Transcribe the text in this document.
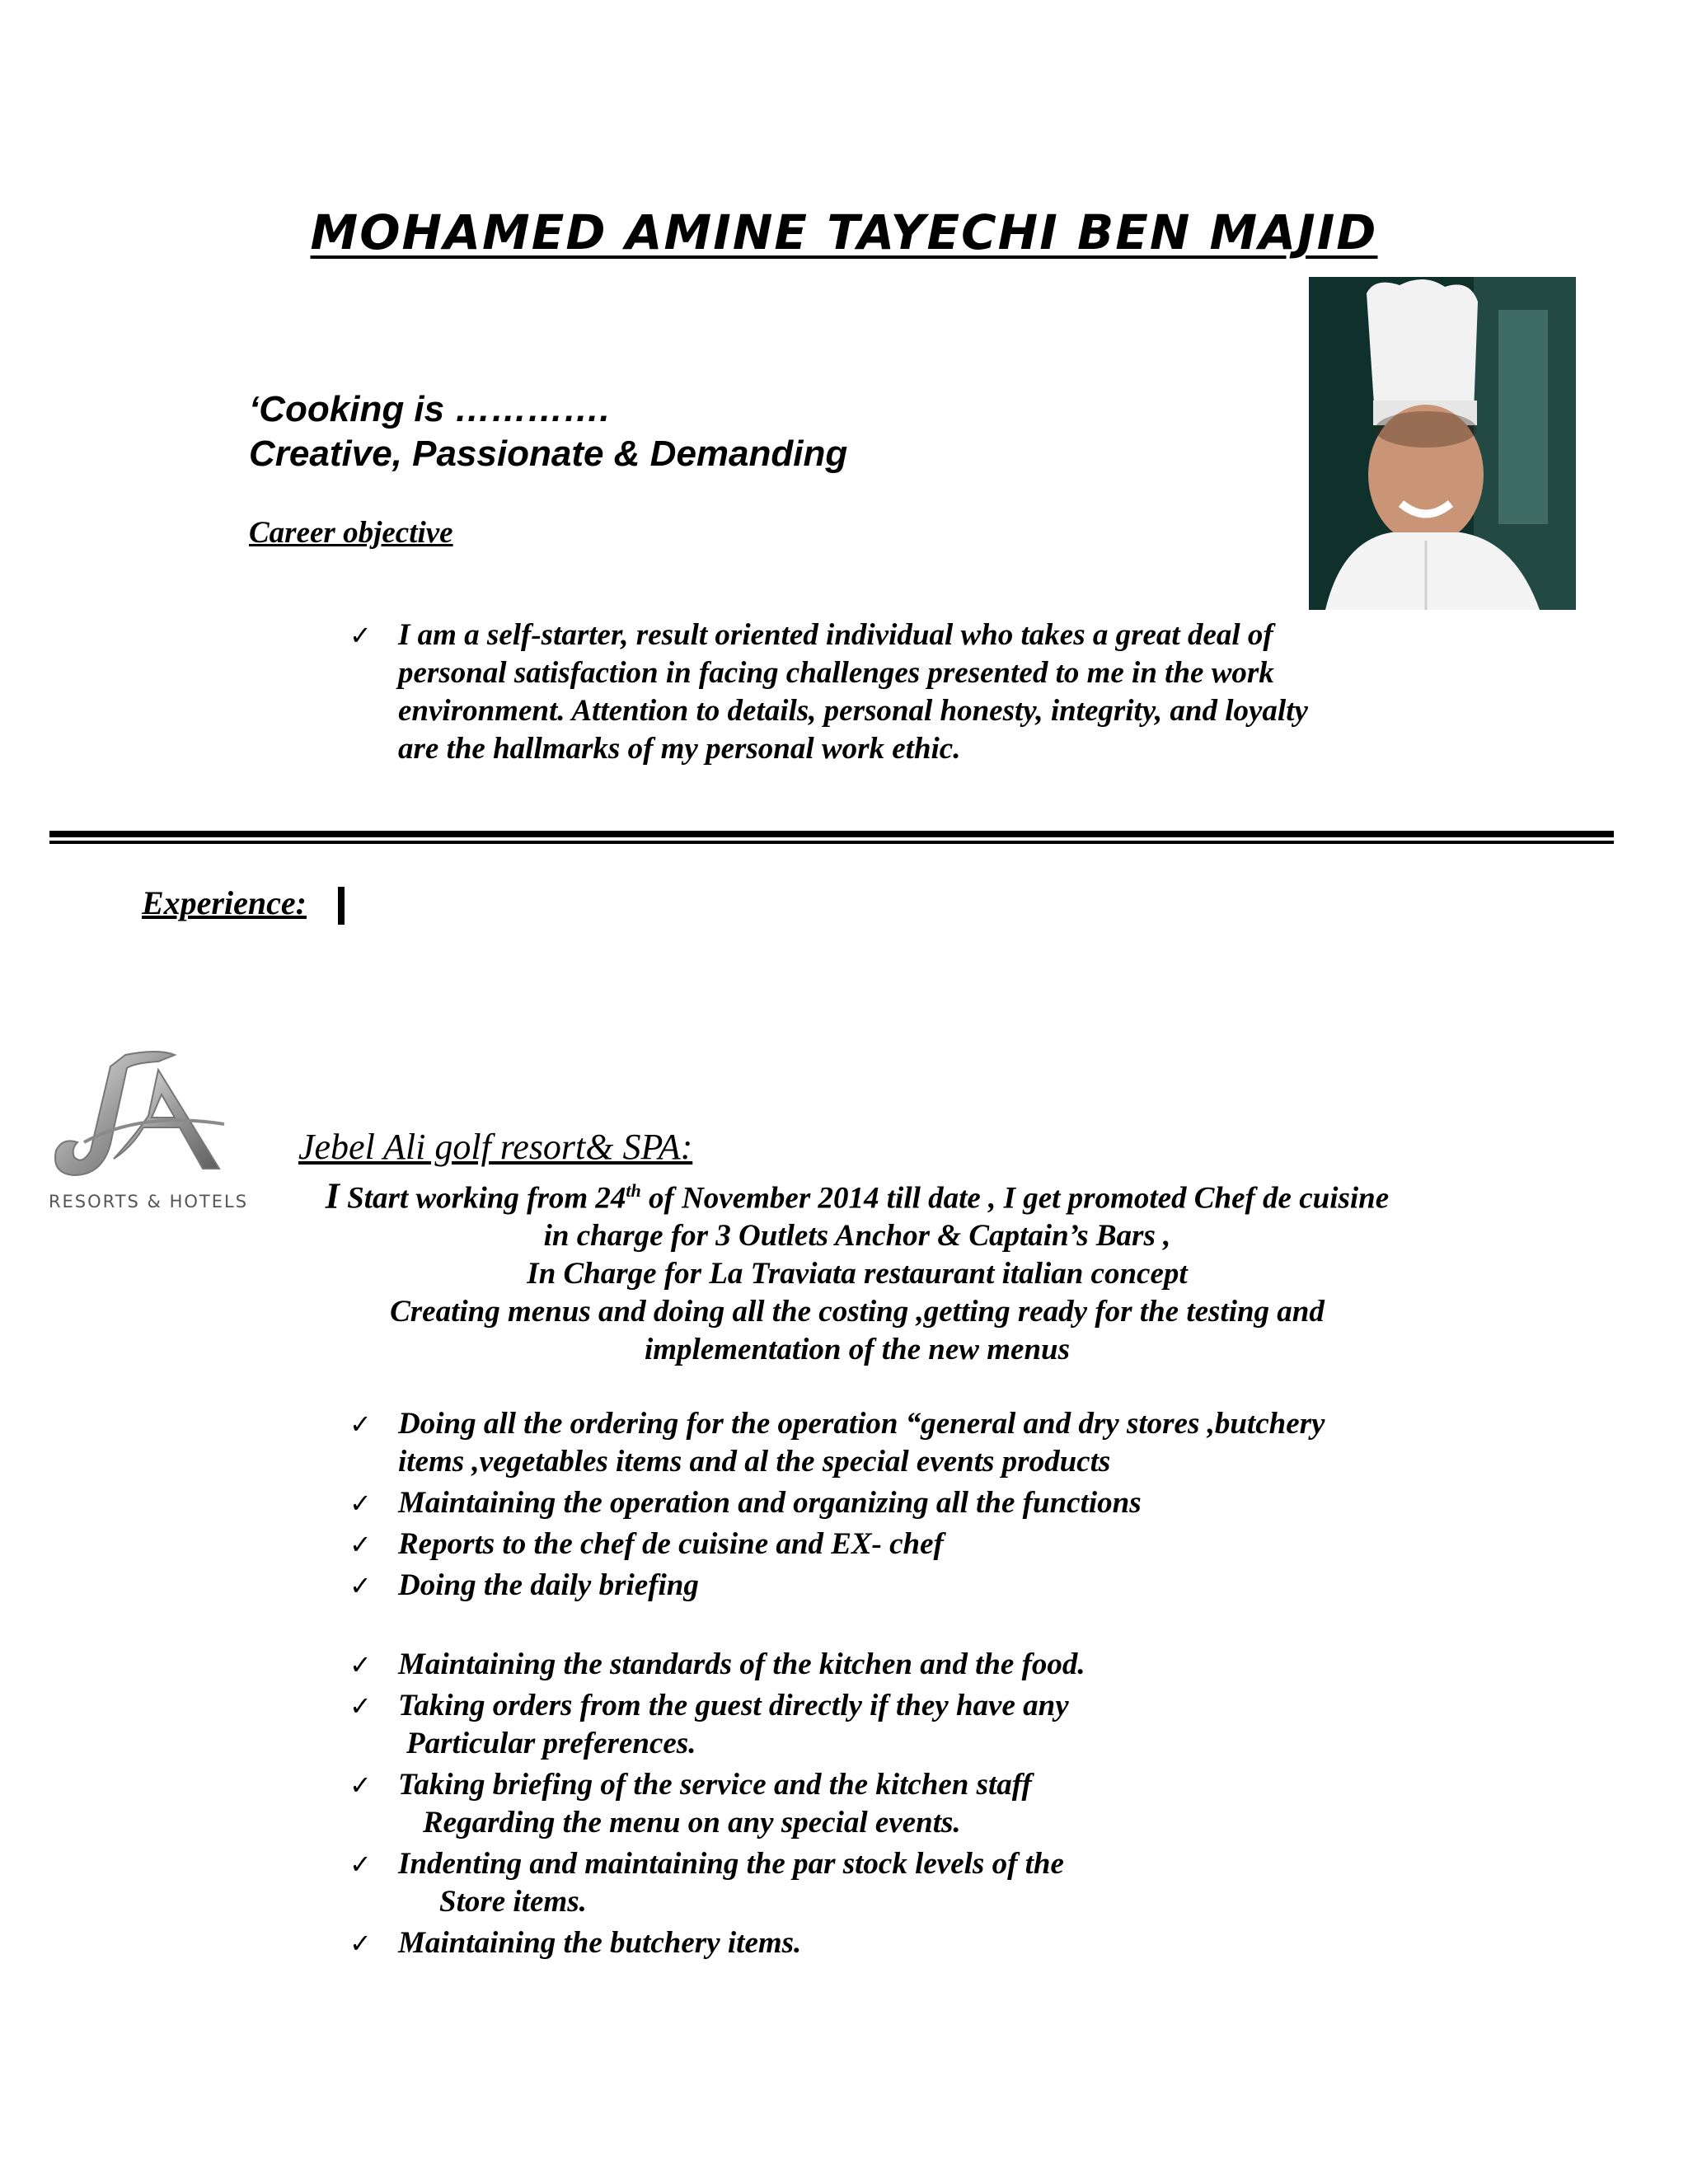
MOHAMED AMINE TAYECHI BEN MAJID
‘Cooking is ………….
Creative, Passionate & Demanding
Career objective
✓ I am a self-starter, result oriented individual who takes a great deal of
personal satisfaction in facing challenges presented to me in the work
environment. Attention to details, personal honesty, integrity, and loyalty
are the hallmarks of my personal work ethic.
Experience:
RESORTS & HOTELS
Jebel Ali golf resort& SPA:

I Start working from 24th of November 2014 till date , I get promoted Chef de cuisine

in charge for 3 Outlets Anchor & Captain’s Bars ,

In Charge for La Traviata restaurant italian concept

Creating menus and doing all the costing ,getting ready for the testing and

implementation of the new menus

✓ Doing all the ordering for the operation “general and dry stores ,butchery
items ,vegetables items and al the special events products
✓ Maintaining the operation and organizing all the functions
✓ Reports to the chef de cuisine and EX- chef
✓ Doing the daily briefing
✓ Maintaining the standards of the kitchen and the food.
✓ Taking orders from the guest directly if they have any
Particular preferences.
✓ Taking briefing of the service and the kitchen staff
Regarding the menu on any special events.
✓ Indenting and maintaining the par stock levels of the
Store items.
✓ Maintaining the butchery items.
